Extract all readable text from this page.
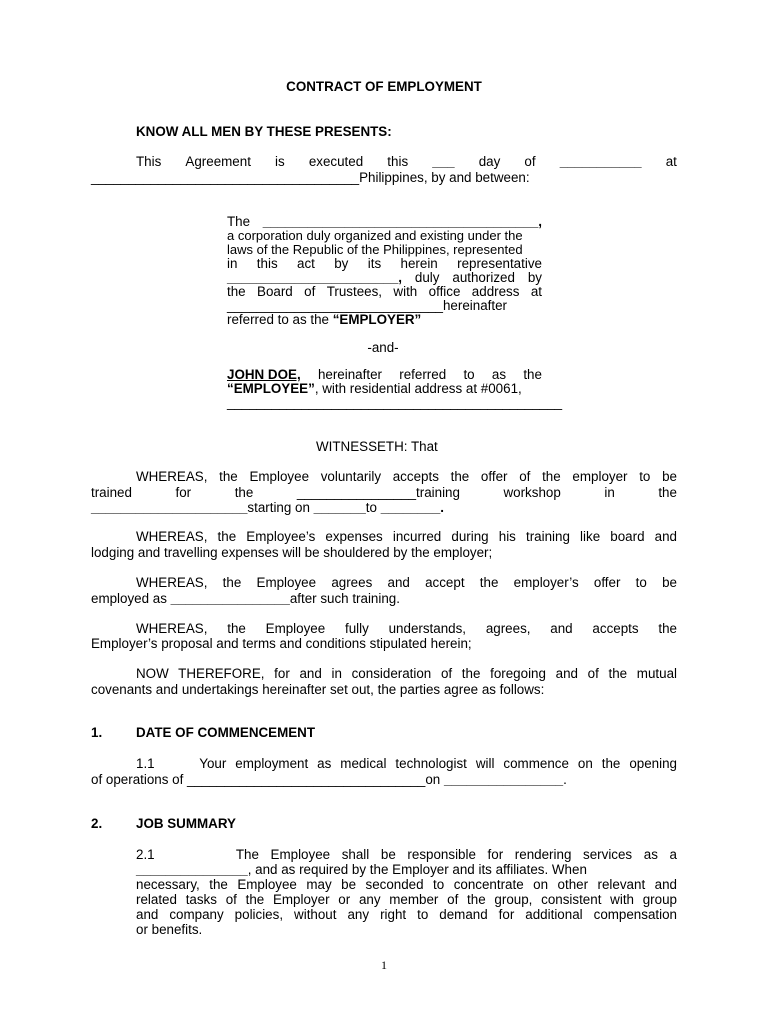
CONTRACT OF EMPLOYMENT
KNOW ALL MEN BY THESE PRESENTS:
This Agreement is executed this ___ day of ___________ at
____________________________________Philippines, by and between:
The _____________________________________,
a corporation duly organized and existing under the
laws of the Republic of the Philippines, represented
in this act by its herein representative
_______________________, duly authorized by
the Board of Trustees, with office address at
_____________________________hereinafter
referred to as the “EMPLOYER”
-and-
JOHN DOE, hereinafter referred to as the
“EMPLOYEE”, with residential address at #0061,
_____________________________________________
WITNESSETH: That
WHEREAS, the Employee voluntarily accepts the offer of the employer to be
trained	for	the	________________training	workshop	in	the
_____________________starting on _______to ________.
WHEREAS, the Employee’s expenses incurred during his training like board and
lodging and travelling expenses will be shouldered by the employer;
WHEREAS, the Employee agrees and accept the employer’s offer to be
employed as ________________after such training.
WHEREAS, the Employee fully understands, agrees, and accepts the
Employer’s proposal and terms and conditions stipulated herein;
NOW THEREFORE, for and in consideration of the foregoing and of the mutual
covenants and undertakings hereinafter set out, the parties agree as follows:
1.	DATE OF COMMENCEMENT
1.1     Your employment as medical technologist will commence on the opening
of operations of ________________________________on ________________.
2.	JOB SUMMARY
2.1       The Employee shall be responsible for rendering services as a
_______________, and as required by the Employer and its affiliates. When
necessary, the Employee may be seconded to concentrate on other relevant and
related tasks of the Employer or any member of the group, consistent with group
and company policies, without any right to demand for additional compensation
or benefits.
1
